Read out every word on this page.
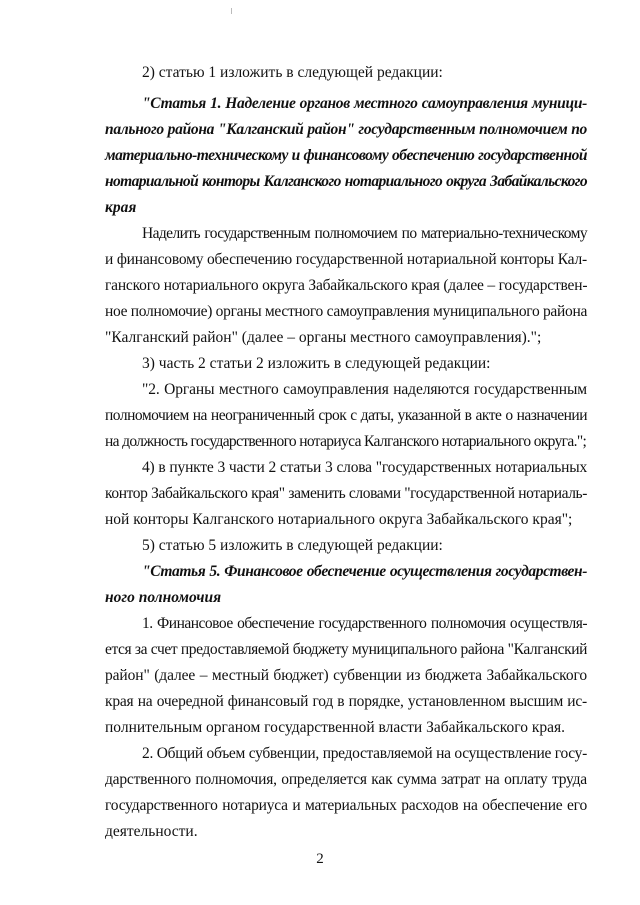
2) статью 1 изложить в следующей редакции:
"Статья 1. Наделение органов местного самоуправления муници-
пального района "Калганский район" государственным полномочием по
материально-техническому и финансовому обеспечению государственной
нотариальной конторы Калганского нотариального округа Забайкальского
края
Наделить государственным полномочием по материально-техническому
и финансовому обеспечению государственной нотариальной конторы Кал-
ганского нотариального округа Забайкальского края (далее – государствен-
ное полномочие) органы местного самоуправления муниципального района
"Калганский район" (далее – органы местного самоуправления).";
3) часть 2 статьи 2 изложить в следующей редакции:
"2. Органы местного самоуправления наделяются государственным
полномочием на неограниченный срок с даты, указанной в акте о назначении
на должность государственного нотариуса Калганского нотариального округа.";
4) в пункте 3 части 2 статьи 3 слова "государственных нотариальных
контор Забайкальского края" заменить словами "государственной нотариаль-
ной конторы Калганского нотариального округа Забайкальского края";
5) статью 5 изложить в следующей редакции:
"Статья 5. Финансовое обеспечение осуществления государствен-
ного полномочия
1. Финансовое обеспечение государственного полномочия осуществля-
ется за счет предоставляемой бюджету муниципального района "Калганский
район" (далее – местный бюджет) субвенции из бюджета Забайкальского
края на очередной финансовый год в порядке, установленном высшим ис-
полнительным органом государственной власти Забайкальского края.
2. Общий объем субвенции, предоставляемой на осуществление госу-
дарственного полномочия, определяется как сумма затрат на оплату труда
государственного нотариуса и материальных расходов на обеспечение его
деятельности.
2
